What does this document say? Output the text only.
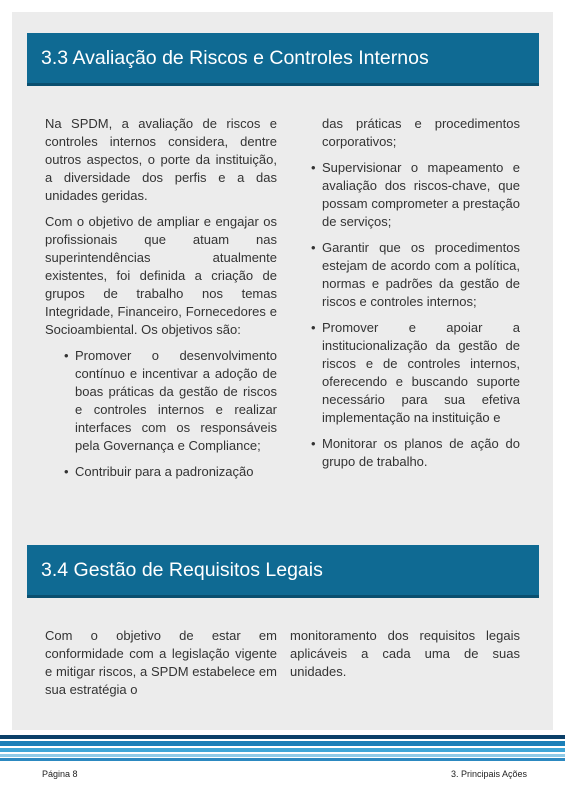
3.3 Avaliação de Riscos e Controles Internos

Na SPDM, a avaliação de riscos e controles internos considera, dentre outros aspectos, o porte da instituição, a diversidade dos perfis e a das unidades geridas.

Com o objetivo de ampliar e engajar os profissionais que atuam nas superintendências atualmente existentes, foi definida a criação de grupos de trabalho nos temas Integridade, Financeiro, Fornecedores e Socioambiental. Os objetivos são:

• Promover o desenvolvimento contínuo e incentivar a adoção de boas práticas da gestão de riscos e controles internos e realizar interfaces com os responsáveis pela Governança e Compliance;
• Contribuir para a padronização
das práticas e procedimentos corporativos;
• Supervisionar o mapeamento e avaliação dos riscos-chave, que possam comprometer a prestação de serviços;
• Garantir que os procedimentos estejam de acordo com a política, normas e padrões da gestão de riscos e controles internos;
• Promover e apoiar a institucionalização da gestão de riscos e de controles internos, oferecendo e buscando suporte necessário para sua efetiva implementação na instituição e
• Monitorar os planos de ação do grupo de trabalho.
3.4 Gestão de Requisitos Legais

Com o objetivo de estar em conformidade com a legislação vigente e mitigar riscos, a SPDM estabelece em sua estratégia o

monitoramento dos requisitos legais aplicáveis a cada uma de suas unidades.

Página 8	3. Principais Ações
